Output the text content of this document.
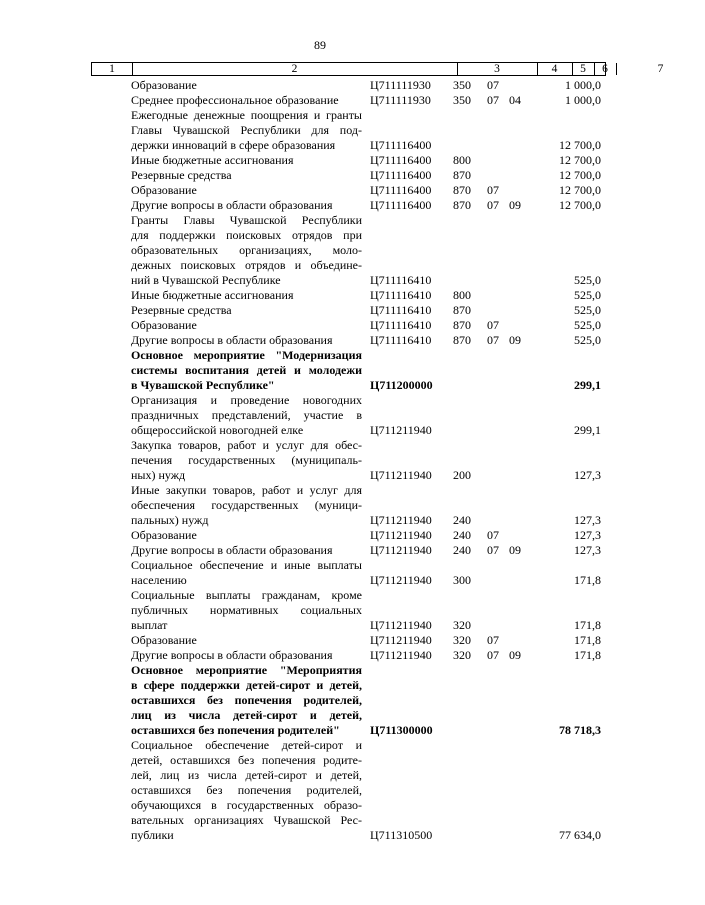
89
1	2	3	4	5	6	7
Образование	Ц711111930 350 07	1 000,0
Среднее профессиональное образование	Ц711111930 350 07 04	1 000,0
Ежегодные денежные поощрения и гранты
Главы Чувашской Республики для под-
держки инноваций в сфере образования	Ц711116400	12 700,0
Иные бюджетные ассигнования	Ц711116400 800	12 700,0
Резервные средства	Ц711116400 870	12 700,0
Образование	Ц711116400 870 07	12 700,0
Другие вопросы в области образования	Ц711116400 870 07 09	12 700,0
Гранты Главы Чувашской Республики
для поддержки поисковых отрядов при
образовательных организациях, моло-
дежных поисковых отрядов и объедине-
ний в Чувашской Республике	Ц711116410	525,0
Иные бюджетные ассигнования	Ц711116410 800	525,0
Резервные средства	Ц711116410 870	525,0
Образование	Ц711116410 870 07	525,0
Другие вопросы в области образования	Ц711116410 870 07 09	525,0
Основное мероприятие "Модернизация
системы воспитания детей и молодежи
в Чувашской Республике"	Ц711200000	299,1
Организация и проведение новогодних
праздничных представлений, участие в
общероссийской новогодней елке	Ц711211940	299,1
Закупка товаров, работ и услуг для обес-
печения государственных (муниципаль-
ных) нужд	Ц711211940 200	127,3
Иные закупки товаров, работ и услуг для
обеспечения государственных (муници-
пальных) нужд	Ц711211940 240	127,3
Образование	Ц711211940 240 07	127,3
Другие вопросы в области образования	Ц711211940 240 07 09	127,3
Социальное обеспечение и иные выплаты
населению	Ц711211940 300	171,8
Социальные выплаты гражданам, кроме
публичных нормативных социальных
выплат	Ц711211940 320	171,8
Образование	Ц711211940 320 07	171,8
Другие вопросы в области образования	Ц711211940 320 07 09	171,8
Основное мероприятие "Мероприятия
в сфере поддержки детей-сирот и детей,
оставшихся без попечения родителей,
лиц из числа детей-сирот и детей,
оставшихся без попечения родителей"	Ц711300000	78 718,3
Социальное обеспечение детей-сирот и
детей, оставшихся без попечения родите-
лей, лиц из числа детей-сирот и детей,
оставшихся без попечения родителей,
обучающихся в государственных образо-
вательных организациях Чувашской Рес-
публики	Ц711310500	77 634,0
